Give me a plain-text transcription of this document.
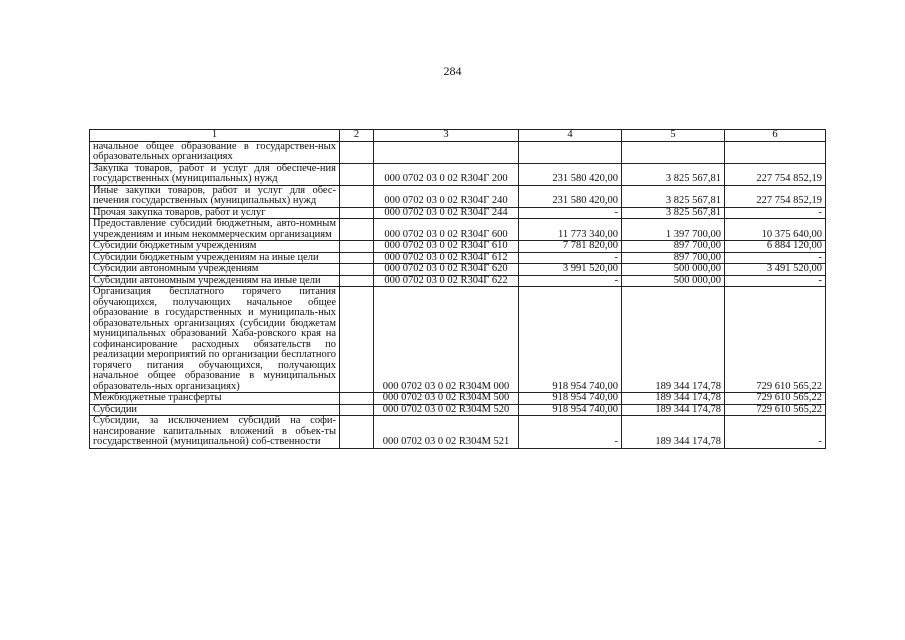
284
1	2	3	4	5	6
начальное общее образование в государствен-ных образовательных организациях					
Закупка товаров, работ и услуг для обеспече-ния государственных (муниципальных) нужд		000 0702 03 0 02 R304Г 200	231 580 420,00	3 825 567,81	227 754 852,19
Иные закупки товаров, работ и услуг для обес-печения государственных (муниципальных) нужд		000 0702 03 0 02 R304Г 240	231 580 420,00	3 825 567,81	227 754 852,19
Прочая закупка товаров, работ и услуг		000 0702 03 0 02 R304Г 244	-	3 825 567,81	-
Предоставление субсидий бюджетным, авто-номным учреждениям и иным некоммерческим организациям		000 0702 03 0 02 R304Г 600	11 773 340,00	1 397 700,00	10 375 640,00
Субсидии бюджетным учреждениям		000 0702 03 0 02 R304Г 610	7 781 820,00	897 700,00	6 884 120,00
Субсидии бюджетным учреждениям на иные цели		000 0702 03 0 02 R304Г 612	-	897 700,00	-
Субсидии автономным учреждениям		000 0702 03 0 02 R304Г 620	3 991 520,00	500 000,00	3 491 520,00
Субсидии автономным учреждениям на иные цели		000 0702 03 0 02 R304Г 622	-	500 000,00	-
Организация бесплатного горячего питания обучающихся, получающих начальное общее образование в государственных и муниципаль-ных образовательных организациях (субсидии бюджетам муниципальных образований Хаба-ровского края на софинансирование расходных обязательств по реализации мероприятий по организации бесплатного горячего питания обучающихся, получающих начальное общее образование в муниципальных образователь-ных организациях)		000 0702 03 0 02 R304M 000	918 954 740,00	189 344 174,78	729 610 565,22
Межбюджетные трансферты		000 0702 03 0 02 R304M 500	918 954 740,00	189 344 174,78	729 610 565,22
Субсидии		000 0702 03 0 02 R304M 520	918 954 740,00	189 344 174,78	729 610 565,22
Субсидии, за исключением субсидий на софи-нансирование капитальных вложений в объек-ты государственной (муниципальной) соб-ственности		000 0702 03 0 02 R304M 521	-	189 344 174,78	-
